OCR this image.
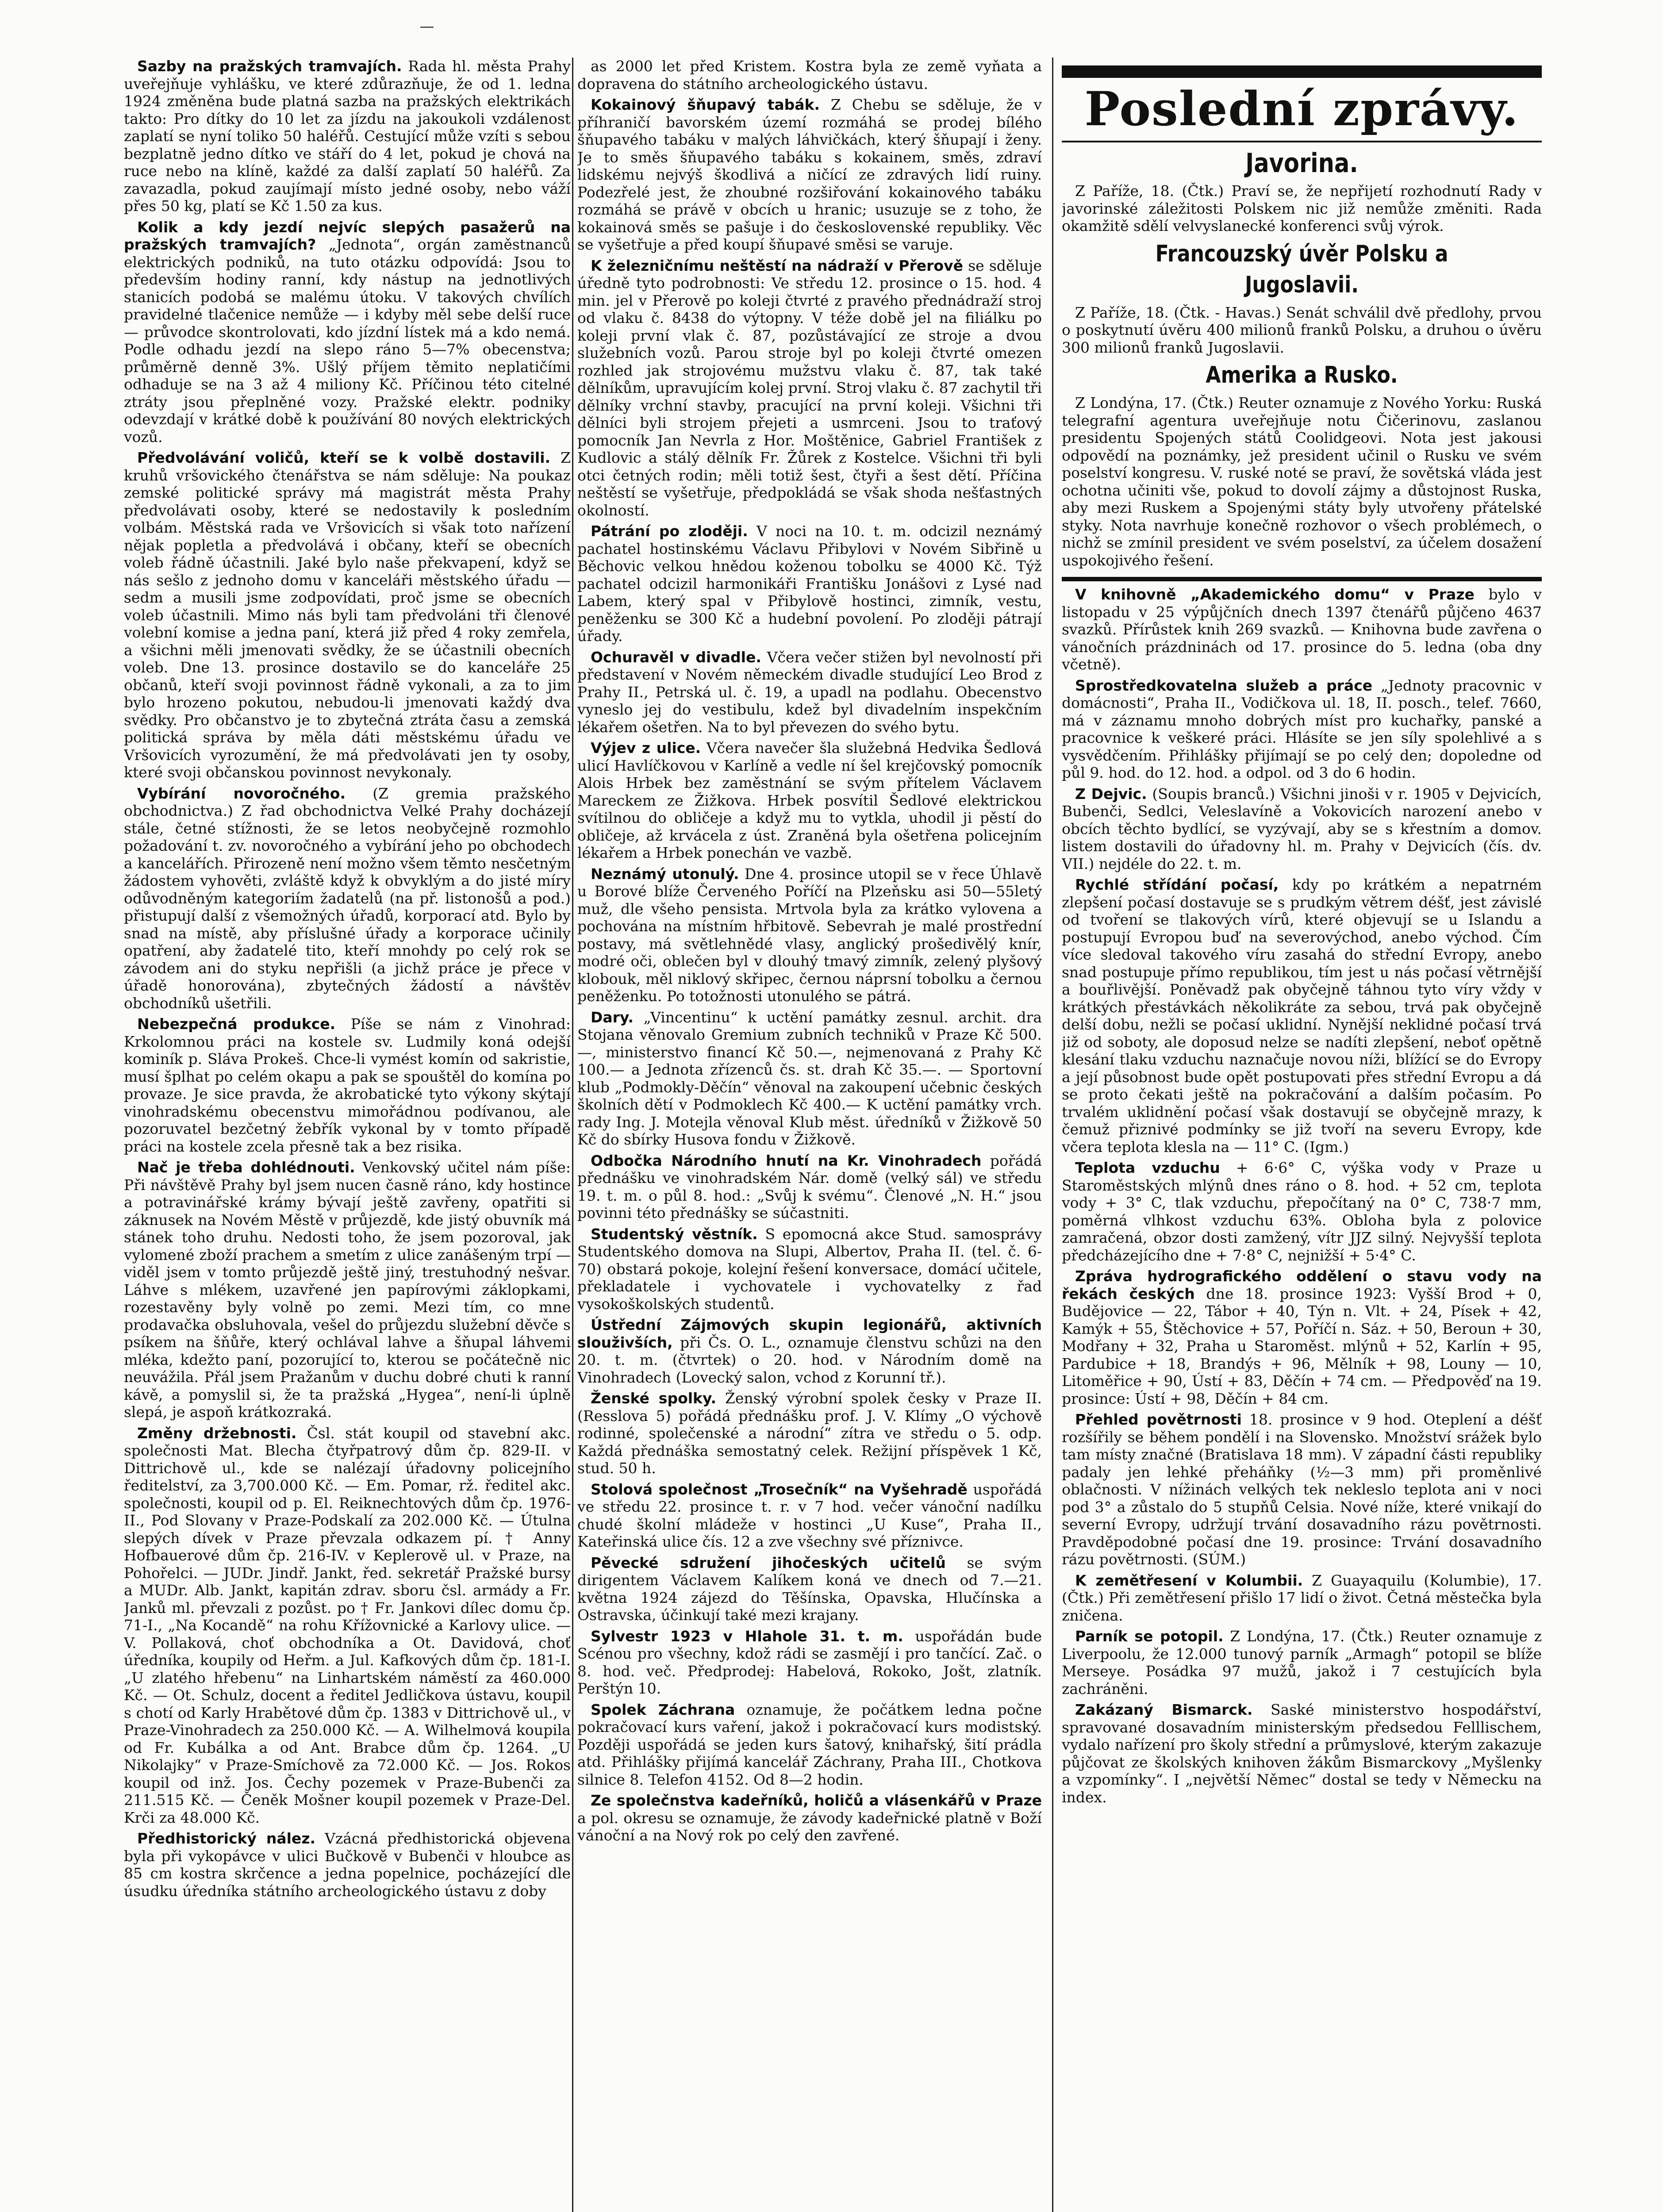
Sazby na pražských tramvajích. Rada hl. města Prahy uveřejňuje vyhlášku, ve které zdůrazňuje, že od 1. ledna 1924 změněna bude platná sazba na pražských elektrikách takto: Pro dítky do 10 let za jízdu na jakoukoli vzdálenost zaplatí se nyní toliko 50 haléřů. Cestující může vzíti s sebou bezplatně jedno dítko ve stáří do 4 let, pokud je chová na ruce nebo na klíně, každé za další zaplatí 50 haléřů. Za zavazadla, pokud zaujímají místo jedné osoby, nebo váží přes 50 kg, platí se Kč 1.50 za kus.

Kolik a kdy jezdí nejvíc slepých pasažerů na pražských tramvajích? „Jednota“, orgán zaměstnanců elektrických podniků, na tuto otázku odpovídá: Jsou to především hodiny ranní, kdy nástup na jednotlivých stanicích podobá se malému útoku. V takových chvílích pravidelné tlačenice nemůže — i kdyby měl sebe delší ruce — průvodce skontrolovati, kdo jízdní lístek má a kdo nemá. Podle odhadu jezdí na slepo ráno 5—7% obecenstva; průměrně denně 3%. Ušlý příjem těmito neplatičími odhaduje se na 3 až 4 miliony Kč. Příčinou této citelné ztráty jsou přeplněné vozy. Pražské elektr. podniky odevzdají v krátké době k používání 80 nových elektrických vozů.

Předvolávání voličů, kteří se k volbě dostavili. Z kruhů vršovického čtenářstva se nám sděluje: Na poukaz zemské politické správy má magistrát města Prahy předvolávati osoby, které se nedostavily k posledním volbám. Městská rada ve Vršovicích si však toto nařízení nějak popletla a předvolává i občany, kteří se obecních voleb řádně účastnili. Jaké bylo naše překvapení, když se nás sešlo z jednoho domu v kanceláři městského úřadu — sedm a musili jsme zodpovídati, proč jsme se obecních voleb účastnili. Mimo nás byli tam předvoláni tři členové volební komise a jedna paní, která již před 4 roky zemřela, a všichni měli jmenovati svědky, že se účastnili obecních voleb. Dne 13. prosince dostavilo se do kanceláře 25 občanů, kteří svoji povinnost řádně vykonali, a za to jim bylo hrozeno pokutou, nebudou-li jmenovati každý dva svědky. Pro občanstvo je to zbytečná ztráta času a zemská politická správa by měla dáti městskému úřadu ve Vršovicích vyrozumění, že má předvolávati jen ty osoby, které svoji občanskou povinnost nevykonaly.

Vybírání novoročného. (Z gremia pražského obchodnictva.) Z řad obchodnictva Velké Prahy docházejí stále, četné stížnosti, že se letos neobyčejně rozmohlo požadování t. zv. novoročného a vybírání jeho po obchodech a kancelářích. Přirozeně není možno všem těmto nesčetným žádostem vyhověti, zvláště když k obvyklým a do jisté míry odůvodněným kategoriím žadatelů (na př. listonošů a pod.) přistupují další z všemožných úřadů, korporací atd. Bylo by snad na místě, aby příslušné úřady a korporace učinily opatření, aby žadatelé tito, kteří mnohdy po celý rok se závodem ani do styku nepřišli (a jichž práce je přece v úřadě honorována), zbytečných žádostí a návštěv obchodníků ušetřili.

Nebezpečná produkce. Píše se nám z Vinohrad: Krkolomnou práci na kostele sv. Ludmily koná odejší kominík p. Sláva Prokeš. Chce-li vymést komín od sakristie, musí šplhat po celém okapu a pak se spouštěl do komína po provaze. Je sice pravda, že akrobatické tyto výkony skýtají vinohradskému obecenstvu mimořádnou podívanou, ale pozoruvatel bezčetný žebřík vykonal by v tomto případě práci na kostele zcela přesně tak a bez risika.

Nač je třeba dohlédnouti. Venkovský učitel nám píše: Při návštěvě Prahy byl jsem nucen časně ráno, kdy hostince a potravinářské krámy bývají ještě zavřeny, opatřiti si záknusek na Novém Městě v průjezdě, kde jistý obuvník má stánek toho druhu. Nedosti toho, že jsem pozoroval, jak vylomené zboží prachem a smetím z ulice zanášeným trpí — viděl jsem v tomto průjezdě ještě jiný, trestuhodný nešvar. Láhve s mlékem, uzavřené jen papírovými záklopkami, rozestavěny byly volně po zemi. Mezi tím, co mne prodavačka obsluhovala, vešel do průjezdu služební děvče s psíkem na šňůře, který ochlával lahve a šňupal láhvemi mléka, kdežto paní, pozorující to, kterou se počátečně nic neuvážila. Přál jsem Pražanům v duchu dobré chuti k ranní kávě, a pomyslil si, že ta pražská „Hygea“, není-li úplně slepá, je aspoň krátkozraká.

Změny držebnosti. Čsl. stát koupil od stavební akc. společnosti Mat. Blecha čtyřpatrový dům čp. 829-II. v Dittrichově ul., kde se nalézají úřadovny policejního ředitelství, za 3,700.000 Kč. — Em. Pomar, rž. ředitel akc. společnosti, koupil od p. El. Reiknechtových dům čp. 1976-II., Pod Slovany v Praze-Podskalí za 202.000 Kč. — Útulna slepých dívek v Praze převzala odkazem pí. † Anny Hofbauerové dům čp. 216-IV. v Keplerově ul. v Praze, na Pohořelci. — JUDr. Jindř. Jankt, řed. sekretář Pražské bursy a MUDr. Alb. Jankt, kapitán zdrav. sboru čsl. armády a Fr. Janků ml. převzali z pozůst. po † Fr. Jankovi dílec domu čp. 71-I., „Na Kocandě“ na rohu Křížovnické a Karlovy ulice. — V. Pollaková, choť obchodníka a Ot. Davidová, choť úředníka, koupily od Heřm. a Jul. Kafkových dům čp. 181-I. „U zlatého hřebenu“ na Linhartském náměstí za 460.000 Kč. — Ot. Schulz, docent a ředitel Jedličkova ústavu, koupil s chotí od Karly Hrabětové dům čp. 1383 v Dittrichově ul., v Praze-Vinohradech za 250.000 Kč. — A. Wilhelmová koupila od Fr. Kubálka a od Ant. Brabce dům čp. 1264. „U Nikolajky“ v Praze-Smíchově za 72.000 Kč. — Jos. Rokos koupil od inž. Jos. Čechy pozemek v Praze-Bubenči za 211.515 Kč. — Čeněk Mošner koupil pozemek v Praze-Del. Krči za 48.000 Kč.

Předhistorický nález. Vzácná předhistorická objevena byla při vykopávce v ulici Bučkově v Bubenči v hloubce as 85 cm kostra skrčence a jedna popelnice, pocházející dle úsudku úředníka státního archeologického ústavu z doby

as 2000 let před Kristem. Kostra byla ze země vyňata a dopravena do státního archeologického ústavu.

Kokainový šňupavý tabák. Z Chebu se sděluje, že v příhraničí bavorském území rozmáhá se prodej bílého šňupavého tabáku v malých láhvičkách, který šňupají i ženy. Je to směs šňupavého tabáku s kokainem, směs, zdraví lidskému nejvýš škodlivá a ničící ze zdravých lidí ruiny. Podezřelé jest, že zhoubné rozšiřování kokainového tabáku rozmáhá se právě v obcích u hranic; usuzuje se z toho, že kokainová směs se pašuje i do československé republiky. Věc se vyšetřuje a před koupí šňupavé směsi se varuje.

K železničnímu neštěstí na nádraží v Přerově se sděluje úředně tyto podrobnosti: Ve středu 12. prosince o 15. hod. 4 min. jel v Přerově po koleji čtvrté z pravého přednádraží stroj od vlaku č. 8438 do výtopny. V téže době jel na filiálku po koleji první vlak č. 87, pozůstávající ze stroje a dvou služebních vozů. Parou stroje byl po koleji čtvrté omezen rozhled jak strojovému mužstvu vlaku č. 87, tak také dělníkům, upravujícím kolej první. Stroj vlaku č. 87 zachytil tři dělníky vrchní stavby, pracující na první koleji. Všichni tři dělníci byli strojem přejeti a usmrceni. Jsou to traťový pomocník Jan Nevrla z Hor. Moštěnice, Gabriel František z Kudlovic a stálý dělník Fr. Žůrek z Kostelce. Všichni tři byli otci četných rodin; měli totiž šest, čtyři a šest dětí. Příčina neštěstí se vyšetřuje, předpokládá se však shoda nešťastných okolností.

Pátrání po zloději. V noci na 10. t. m. odcizil neznámý pachatel hostinskému Václavu Přibylovi v Novém Sibřině u Běchovic velkou hnědou koženou tobolku se 4000 Kč. Týž pachatel odcizil harmonikáři Františku Jonášovi z Lysé nad Labem, který spal v Přibylově hostinci, zimník, vestu, peněženku se 300 Kč a hudební povolení. Po zloději pátrají úřady.

Ochuravěl v divadle. Včera večer stižen byl nevolností při představení v Novém německém divadle studující Leo Brod z Prahy II., Petrská ul. č. 19, a upadl na podlahu. Obecenstvo vyneslo jej do vestibulu, kdež byl divadelním inspekčním lékařem ošetřen. Na to byl převezen do svého bytu.

Výjev z ulice. Včera navečer šla služebná Hedvika Šedlová ulicí Havlíčkovou v Karlíně a vedle ní šel krejčovský pomocník Alois Hrbek bez zaměstnání se svým přítelem Václavem Mareckem ze Žižkova. Hrbek posvítil Šedlové elektrickou svítilnou do obličeje a když mu to vytkla, uhodil ji pěstí do obličeje, až krvácela z úst. Zraněná byla ošetřena policejním lékařem a Hrbek ponechán ve vazbě.

Neznámý utonulý. Dne 4. prosince utopil se v řece Úhlavě u Borové blíže Červeného Poříčí na Plzeňsku asi 50—55letý muž, dle všeho pensista. Mrtvola byla za krátko vylovena a pochována na místním hřbitově. Sebevrah je malé prostřední postavy, má světlehnědé vlasy, anglický prošedivělý knír, modré oči, oblečen byl v dlouhý tmavý zimník, zelený plyšový klobouk, měl niklový skřipec, černou náprsní tobolku a černou peněženku. Po totožnosti utonulého se pátrá.

Dary. „Vincentinu“ k uctění památky zesnul. archit. dra Stojana věnovalo Gremium zubních techniků v Praze Kč 500.—, ministerstvo financí Kč 50.—, nejmenovaná z Prahy Kč 100.— a Jednota zřízenců čs. st. drah Kč 35.—. — Sportovní klub „Podmokly-Děčín“ věnoval na zakoupení učebnic českých školních dětí v Podmoklech Kč 400.— K uctění památky vrch. rady Ing. J. Motejla věnoval Klub měst. úředníků v Žižkově 50 Kč do sbírky Husova fondu v Žižkově.

Odbočka Národního hnutí na Kr. Vinohradech pořádá přednášku ve vinohradském Nár. domě (velký sál) ve středu 19. t. m. o půl 8. hod.: „Svůj k svému“. Členové „N. H.“ jsou povinni této přednášky se súčastniti.

Studentský věstník. S epomocná akce Stud. samosprávy Studentského domova na Slupi, Albertov, Praha II. (tel. č. 6-70) obstará pokoje, kolejní řešení konversace, domácí učitele, překladatele i vychovatele i vychovatelky z řad vysokoškolských studentů.

Ústřední Zájmových skupin legionářů, aktivních slouživších, při Čs. O. L., oznamuje členstvu schůzi na den 20. t. m. (čtvrtek) o 20. hod. v Národním domě na Vinohradech (Lovecký salon, vchod z Korunní tř.).

Ženské spolky. Ženský výrobní spolek česky v Praze II. (Resslova 5) pořádá přednášku prof. J. V. Klímy „O výchově rodinné, společenské a národní“ zítra ve středu o 5. odp. Každá přednáška semostatný celek. Režijní příspěvek 1 Kč, stud. 50 h.

Stolová společnost „Trosečník“ na Vyšehradě uspořádá ve středu 22. prosince t. r. v 7 hod. večer vánoční nadílku chudé školní mládeže v hostinci „U Kuse“, Praha II., Kateřinská ulice čís. 12 a zve všechny své příznivce.

Pěvecké sdružení jihočeských učitelů se svým dirigentem Václavem Kalíkem koná ve dnech od 7.—21. května 1924 zájezd do Těšínska, Opavska, Hlučínska a Ostravska, účinkují také mezi krajany.

Sylvestr 1923 v Hlahole 31. t. m. uspořádán bude Scénou pro všechny, kdož rádi se zasmějí i pro tančící. Zač. o 8. hod. več. Předprodej: Habelová, Rokoko, Jošt, zlatník. Perštýn 10.

Spolek Záchrana oznamuje, že počátkem ledna počne pokračovací kurs vaření, jakož i pokračovací kurs modistský. Později uspořádá se jeden kurs šatový, knihařský, šití prádla atd. Přihlášky přijímá kancelář Záchrany, Praha III., Chotkova silnice 8. Telefon 4152. Od 8—2 hodin.

Ze společnstva kadeřníků, holičů a vlásenkářů v Praze a pol. okresu se oznamuje, že závody kadeřnické platně v Boží vánoční a na Nový rok po celý den zavřené.

Poslední zprávy.
Javorina.

Z Paříže, 18. (Čtk.) Praví se, že nepřijetí rozhodnutí Rady v javorinské záležitosti Polskem nic již nemůže změniti. Rada okamžitě sdělí velvyslanecké konferenci svůj výrok.

Francouzský úvěr Polsku a Jugoslavii.

Z Paříže, 18. (Čtk. - Havas.) Senát schválil dvě předlohy, prvou o poskytnutí úvěru 400 milionů franků Polsku, a druhou o úvěru 300 milionů franků Jugoslavii.

Amerika a Rusko.

Z Londýna, 17. (Čtk.) Reuter oznamuje z Nového Yorku: Ruská telegrafní agentura uveřejňuje notu Čičerinovu, zaslanou presidentu Spojených států Coolidgeovi. Nota jest jakousi odpovědí na poznámky, jež president učinil o Rusku ve svém poselství kongresu. V. ruské noté se praví, že sovětská vláda jest ochotna učiniti vše, pokud to dovolí zájmy a důstojnost Ruska, aby mezi Ruskem a Spojenými státy byly utvořeny přátelské styky. Nota navrhuje konečně rozhovor o všech problémech, o nichž se zmínil president ve svém poselství, za účelem dosažení uspokojivého řešení.

V knihovně „Akademického domu“ v Praze bylo v listopadu v 25 výpůjčních dnech 1397 čtenářů půjčeno 4637 svazků. Přírůstek knih 269 svazků. — Knihovna bude zavřena o vánočních prázdninách od 17. prosince do 5. ledna (oba dny včetně).

Sprostředkovatelna služeb a práce „Jednoty pracovnic v domácnosti“, Praha II., Vodičkova ul. 18, II. posch., telef. 7660, má v záznamu mnoho dobrých míst pro kuchařky, panské a pracovnice k veškeré práci. Hlásíte se jen síly spolehlivé a s vysvědčením. Přihlášky přijímají se po celý den; dopoledne od půl 9. hod. do 12. hod. a odpol. od 3 do 6 hodin.

Z Dejvic. (Soupis branců.) Všichni jinoši v r. 1905 v Dejvicích, Bubenči, Sedlci, Veleslavíně a Vokovicích narození anebo v obcích těchto bydlící, se vyzývají, aby se s křestním a domov. listem dostavili do úřadovny hl. m. Prahy v Dejvicích (čís. dv. VII.) nejdéle do 22. t. m.

Rychlé střídání počasí, kdy po krátkém a nepatrném zlepšení počasí dostavuje se s prudkým větrem déšť, jest závislé od tvoření se tlakových vírů, které objevují se u Islandu a postupují Evropou buď na severovýchod, anebo východ. Čím více sledoval takového víru zasahá do střední Evropy, anebo snad postupuje přímo republikou, tím jest u nás počasí větrnější a bouřlivější. Poněvadž pak obyčejně táhnou tyto víry vždy v krátkých přestávkách několikráte za sebou, trvá pak obyčejně delší dobu, nežli se počasí uklidní. Nynější neklidné počasí trvá již od soboty, ale doposud nelze se nadíti zlepšení, neboť opětně klesání tlaku vzduchu naznačuje novou níži, blížící se do Evropy a její působnost bude opět postupovati přes střední Evropu a dá se proto čekati ještě na pokračování a dalším počasím. Po trvalém uklidnění počasí však dostavují se obyčejně mrazy, k čemuž přiznivé podmínky se již tvoří na severu Evropy, kde včera teplota klesla na — 11° C. (Igm.)

Teplota vzduchu + 6·6° C, výška vody v Praze u Staroměstských mlýnů dnes ráno o 8. hod. + 52 cm, teplota vody + 3° C, tlak vzduchu, přepočítaný na 0° C, 738·7 mm, poměrná vlhkost vzduchu 63%. Obloha byla z polovice zamračená, obzor dosti zamžený, vítr JJZ silný. Nejvyšší teplota předcházejícího dne + 7·8° C, nejnižší + 5·4° C.

Zpráva hydrografického oddělení o stavu vody na řekách českých dne 18. prosince 1923: Vyšší Brod + 0, Budějovice — 22, Tábor + 40, Týn n. Vlt. + 24, Písek + 42, Kamýk + 55, Štěchovice + 57, Poříčí n. Sáz. + 50, Beroun + 30, Modřany + 32, Praha u Staroměst. mlýnů + 52, Karlín + 95, Pardubice + 18, Brandýs + 96, Mělník + 98, Louny — 10, Litoměřice + 90, Ústí + 83, Děčín + 74 cm. — Předpověď na 19. prosince: Ústí + 98, Děčín + 84 cm.

Přehled povětrnosti 18. prosince v 9 hod. Oteplení a déšť rozšířily se během pondělí i na Slovensko. Množství srážek bylo tam místy značné (Bratislava 18 mm). V západní části republiky padaly jen lehké přeháňky (½—3 mm) při proměnlivé oblačnosti. V nížinách velkých tek nekleslo teplota ani v noci pod 3° a zůstalo do 5 stupňů Celsia. Nové níže, které vnikají do severní Evropy, udržují trvání dosavadního rázu povětrnosti. Pravděpodobné počasí dne 19. prosince: Trvání dosavadního rázu povětrnosti. (SÚM.)

K zemětřesení v Kolumbii. Z Guayaquilu (Kolumbie), 17. (Čtk.) Při zemětřesení přišlo 17 lidí o život. Četná městečka byla zničena.

Parník se potopil. Z Londýna, 17. (Čtk.) Reuter oznamuje z Liverpoolu, že 12.000 tunový parník „Armagh“ potopil se blíže Merseye. Posádka 97 mužů, jakož i 7 cestujících byla zachráněni.

Zakázaný Bismarck. Saské ministerstvo hospodářství, spravované dosavadním ministerským předsedou Felllischem, vydalo nařízení pro školy střední a průmyslové, kterým zakazuje půjčovat ze školských knihoven žákům Bismarckovy „Myšlenky a vzpomínky“. I „největší Němec“ dostal se tedy v Německu na index.
